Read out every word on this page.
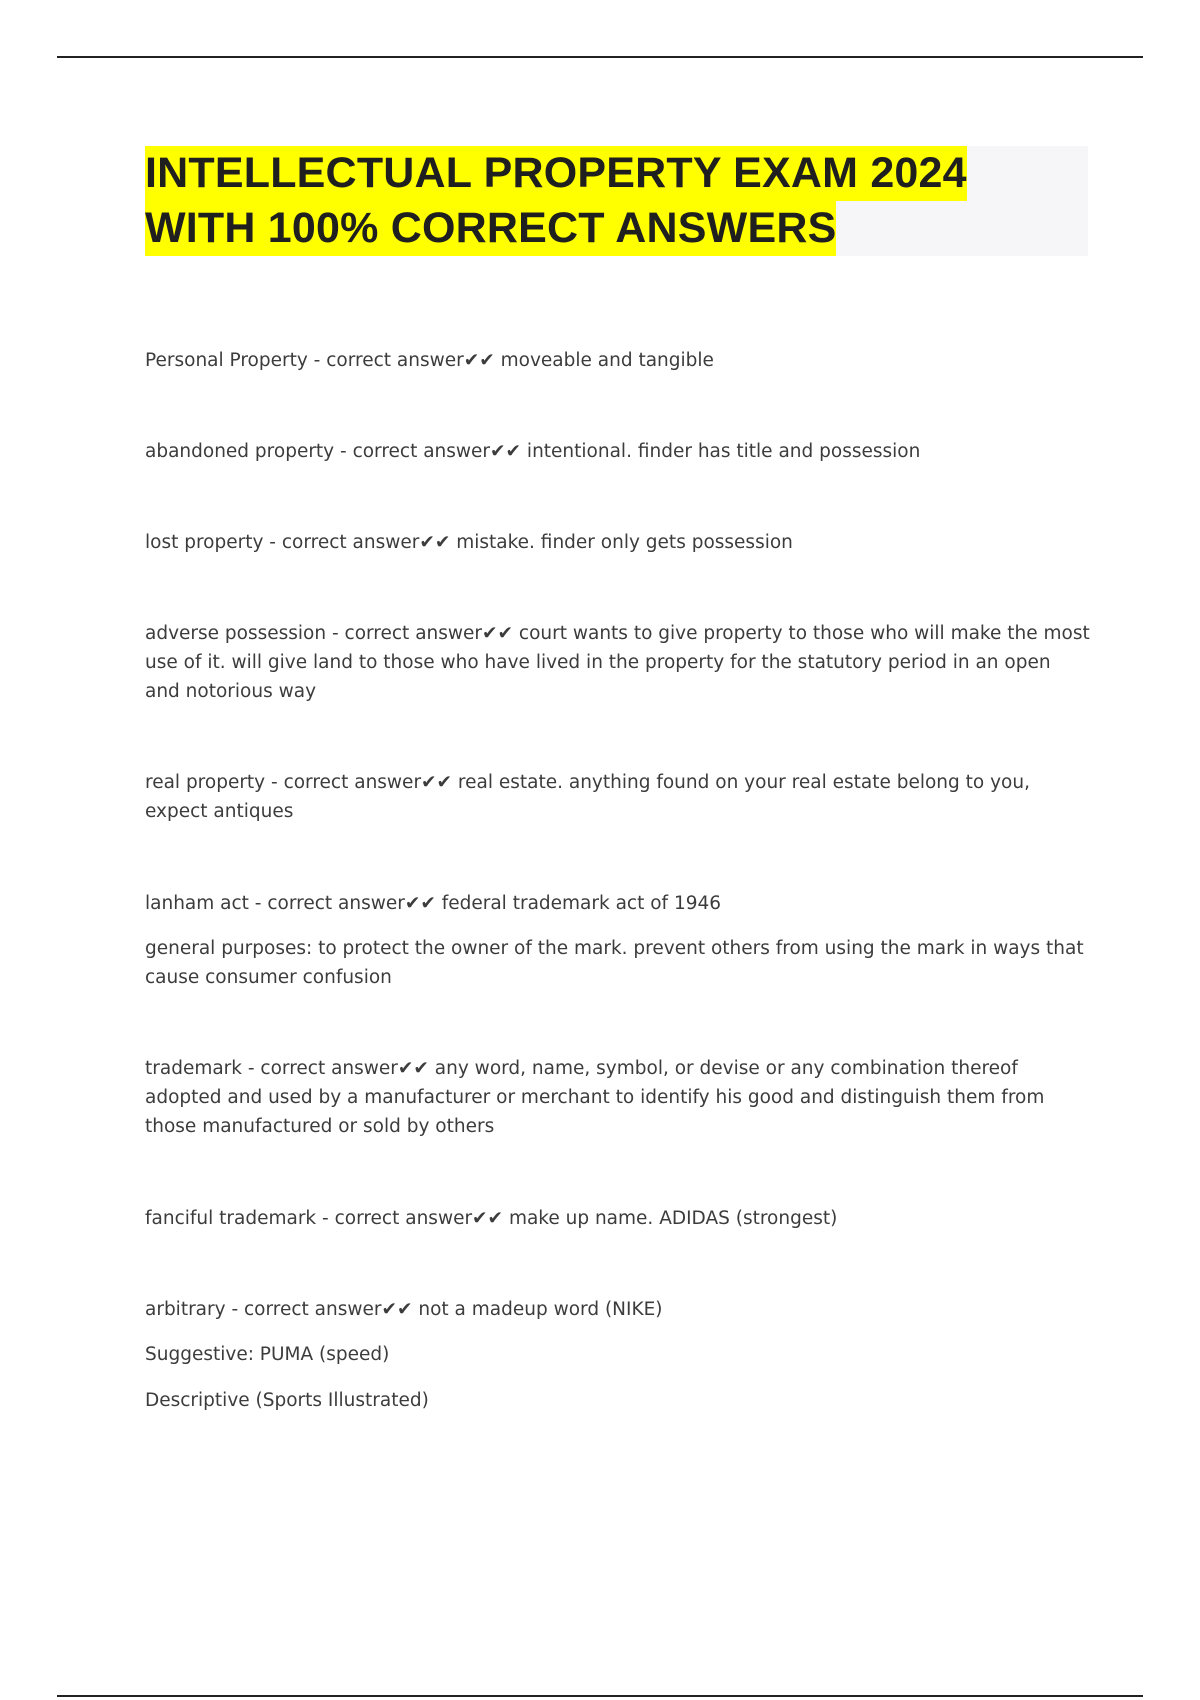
INTELLECTUAL PROPERTY EXAM 2024
WITH 100% CORRECT ANSWERS

Personal Property - correct answer✔✔ moveable and tangible

abandoned property - correct answer✔✔ intentional. finder has title and possession

lost property - correct answer✔✔ mistake. finder only gets possession

adverse possession - correct answer✔✔ court wants to give property to those who will make the most use of it. will give land to those who have lived in the property for the statutory period in an open and notorious way

real property - correct answer✔✔ real estate. anything found on your real estate belong to you, expect antiques

lanham act - correct answer✔✔ federal trademark act of 1946

general purposes: to protect the owner of the mark. prevent others from using the mark in ways that cause consumer confusion

trademark - correct answer✔✔ any word, name, symbol, or devise or any combination thereof adopted and used by a manufacturer or merchant to identify his good and distinguish them from those manufactured or sold by others

fanciful trademark - correct answer✔✔ make up name. ADIDAS (strongest)

arbitrary - correct answer✔✔ not a madeup word (NIKE)

Suggestive: PUMA (speed)

Descriptive (Sports Illustrated)
